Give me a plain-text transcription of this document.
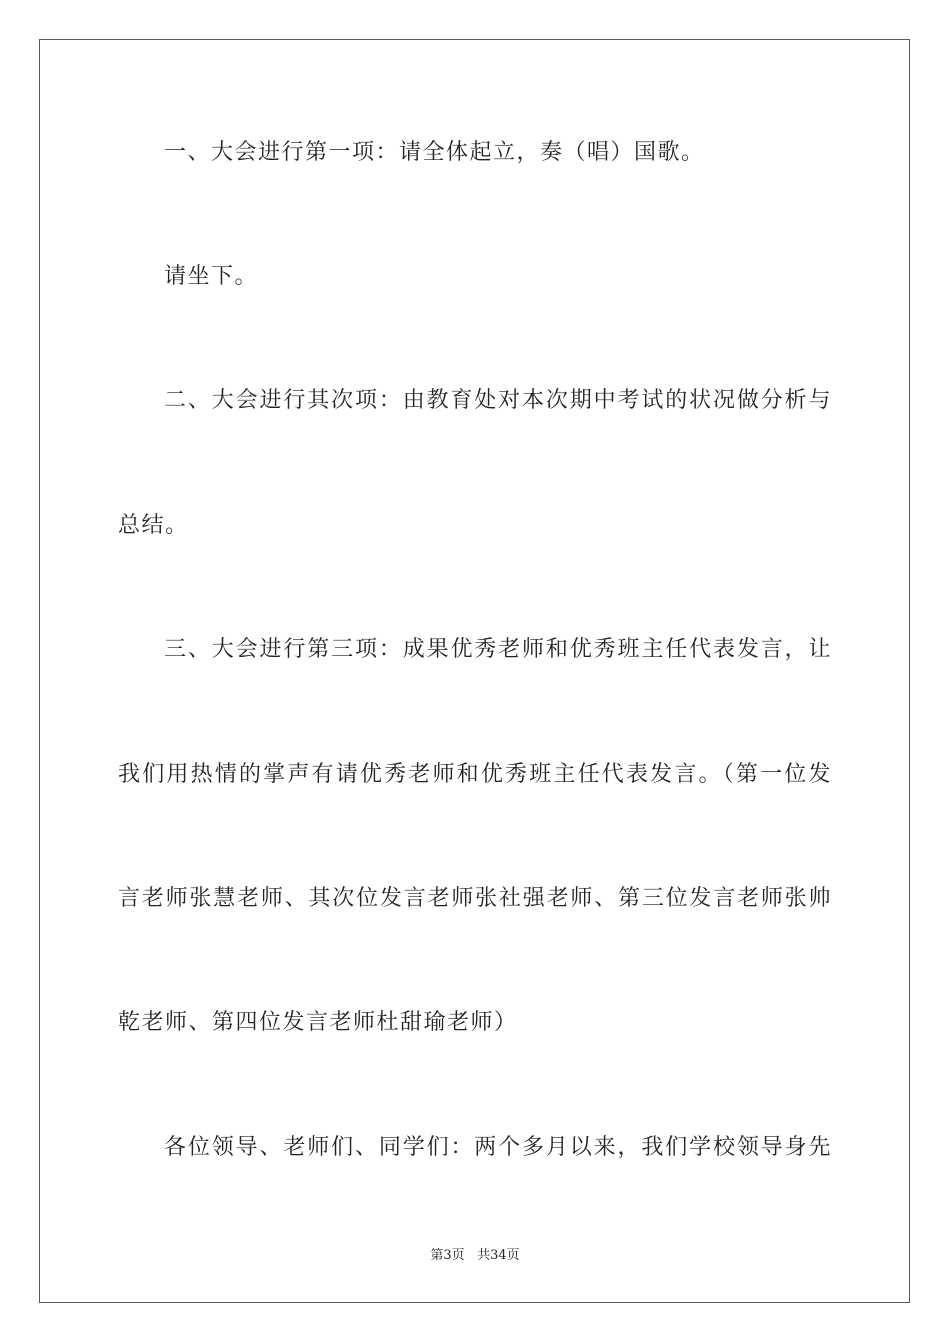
一、大会进行第一项：请全体起立，奏（唱）国歌。
请坐下。
二、大会进行其次项：由教育处对本次期中考试的状况做分析与
总结。
三、大会进行第三项：成果优秀老师和优秀班主任代表发言，让
我们用热情的掌声有请优秀老师和优秀班主任代表发言。（第一位发
言老师张慧老师、其次位发言老师张社强老师、第三位发言老师张帅
乾老师、第四位发言老师杜甜瑜老师）
各位领导、老师们、同学们：两个多月以来，我们学校领导身先
第3页 共34页
